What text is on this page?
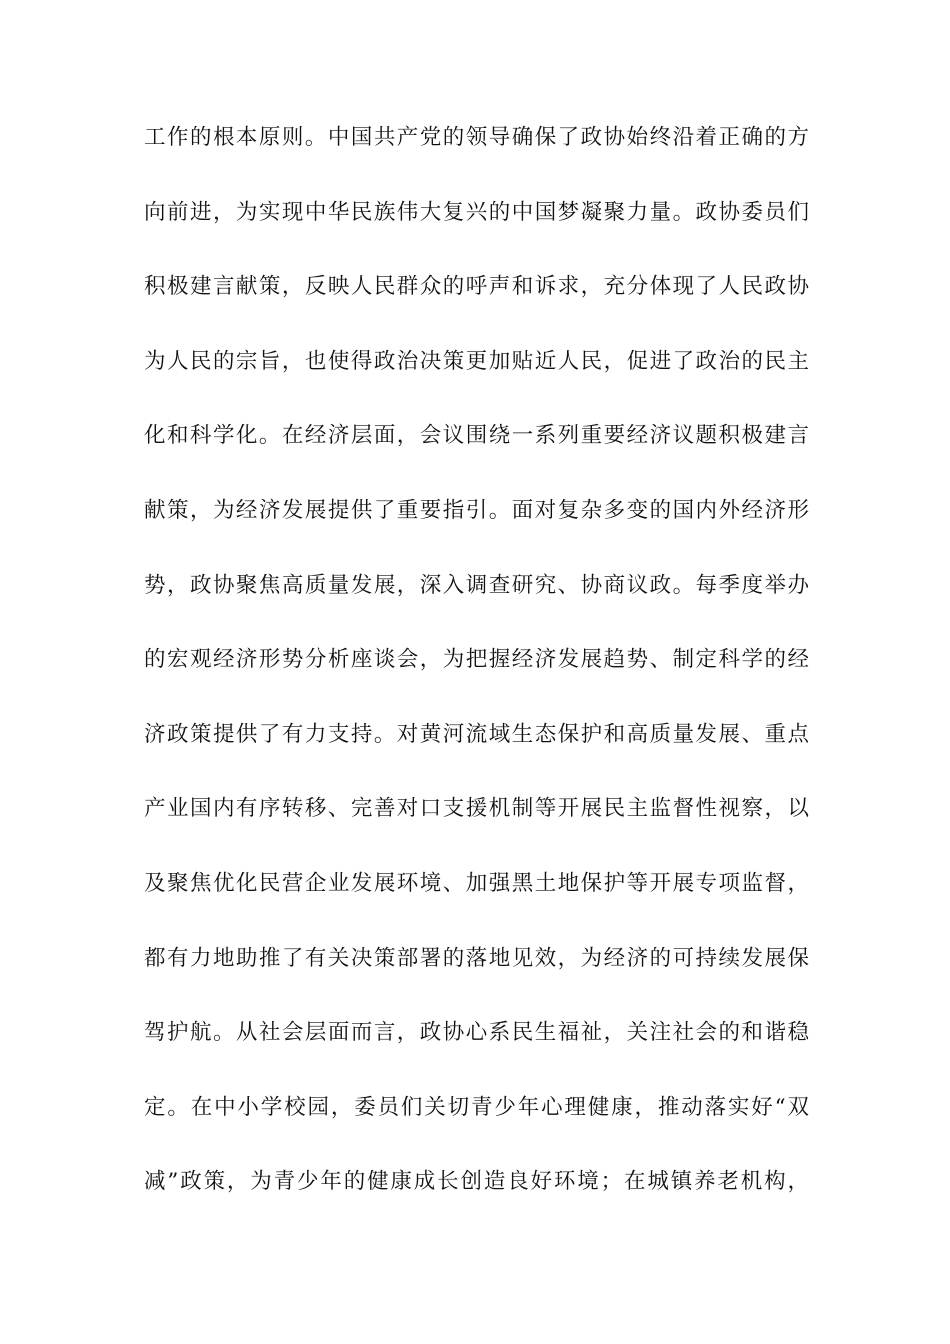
工作的根本原则。中国共产党的领导确保了政协始终沿着正确的方
向前进，为实现中华民族伟大复兴的中国梦凝聚力量。政协委员们
积极建言献策，反映人民群众的呼声和诉求，充分体现了人民政协
为人民的宗旨，也使得政治决策更加贴近人民，促进了政治的民主
化和科学化。在经济层面，会议围绕一系列重要经济议题积极建言
献策，为经济发展提供了重要指引。面对复杂多变的国内外经济形
势，政协聚焦高质量发展，深入调查研究、协商议政。每季度举办
的宏观经济形势分析座谈会，为把握经济发展趋势、制定科学的经
济政策提供了有力支持。对黄河流域生态保护和高质量发展、重点
产业国内有序转移、完善对口支援机制等开展民主监督性视察，以
及聚焦优化民营企业发展环境、加强黑土地保护等开展专项监督，
都有力地助推了有关决策部署的落地见效，为经济的可持续发展保
驾护航。从社会层面而言，政协心系民生福祉，关注社会的和谐稳
定。在中小学校园，委员们关切青少年心理健康，推动落实好“双
减”政策，为青少年的健康成长创造良好环境；在城镇养老机构，
